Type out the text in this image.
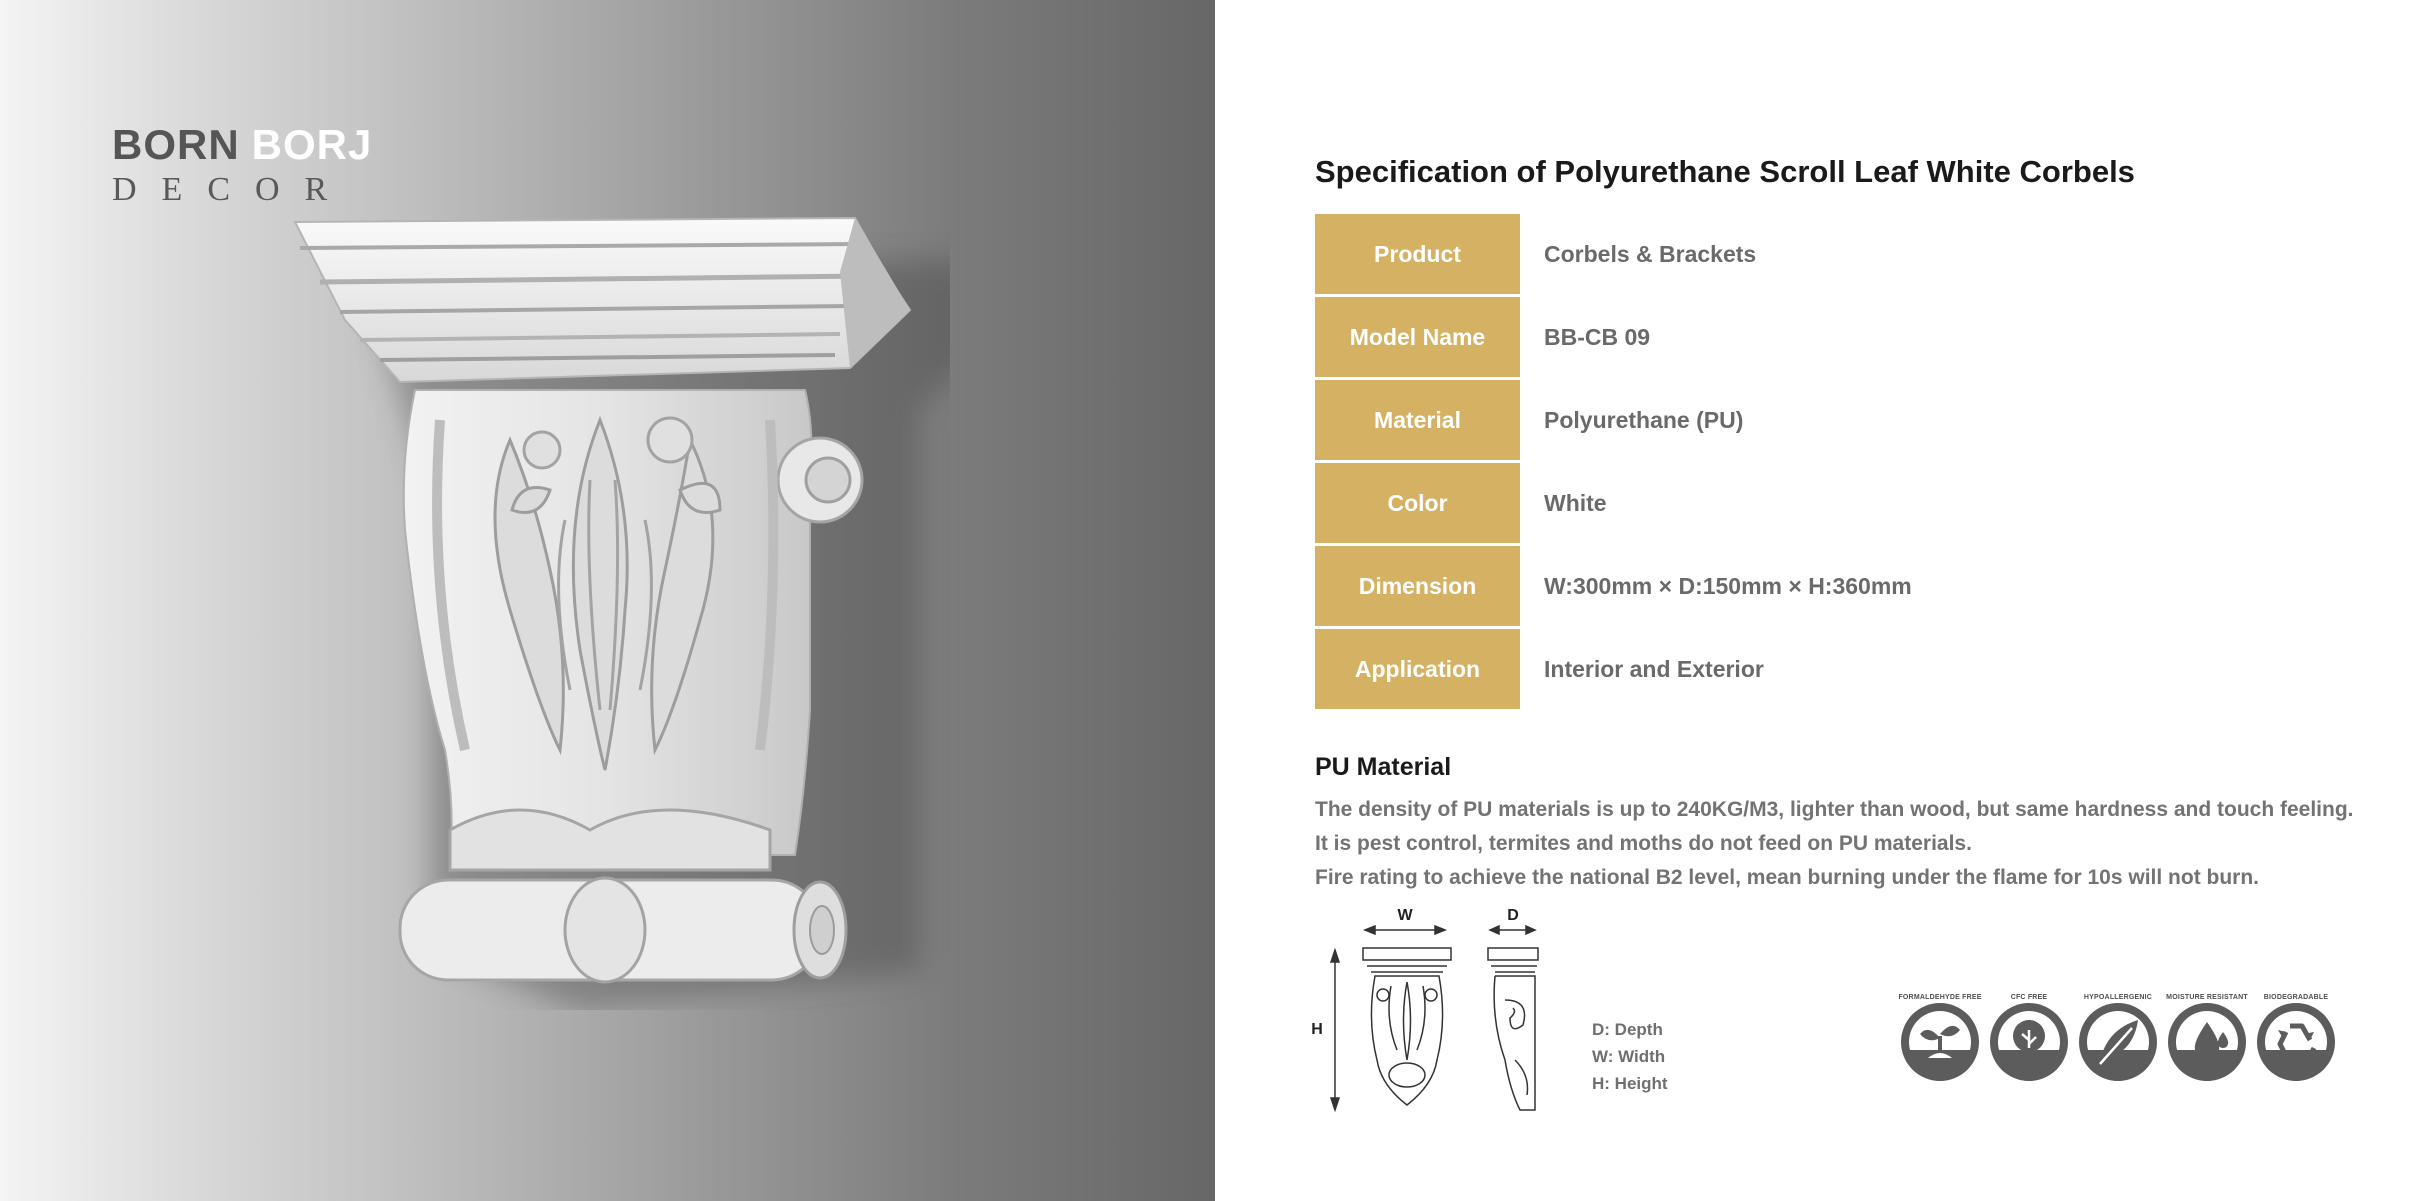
BORN BORJ
DECOR	Specification of Polyurethane Scroll Leaf White Corbels
Product	Corbels & Brackets
Model Name	BB-CB 09
Material	Polyurethane (PU)
Color	White
Dimension	W:300mm × D:150mm × H:360mm
Application	Interior and Exterior
PU Material
The density of PU materials is up to 240KG/M3, lighter than wood, but same hardness and touch feeling.
It is pest control, termites and moths do not feed on PU materials.
Fire rating to achieve the national B2 level, mean burning under the flame for 10s will not burn.
W	D
H	D: Depth
W: Width
H: Height
FORMALDEHYDE FREE	CFC FREE	HYPOALLERGENIC	MOISTURE RESISTANT	BIODEGRADABLE
